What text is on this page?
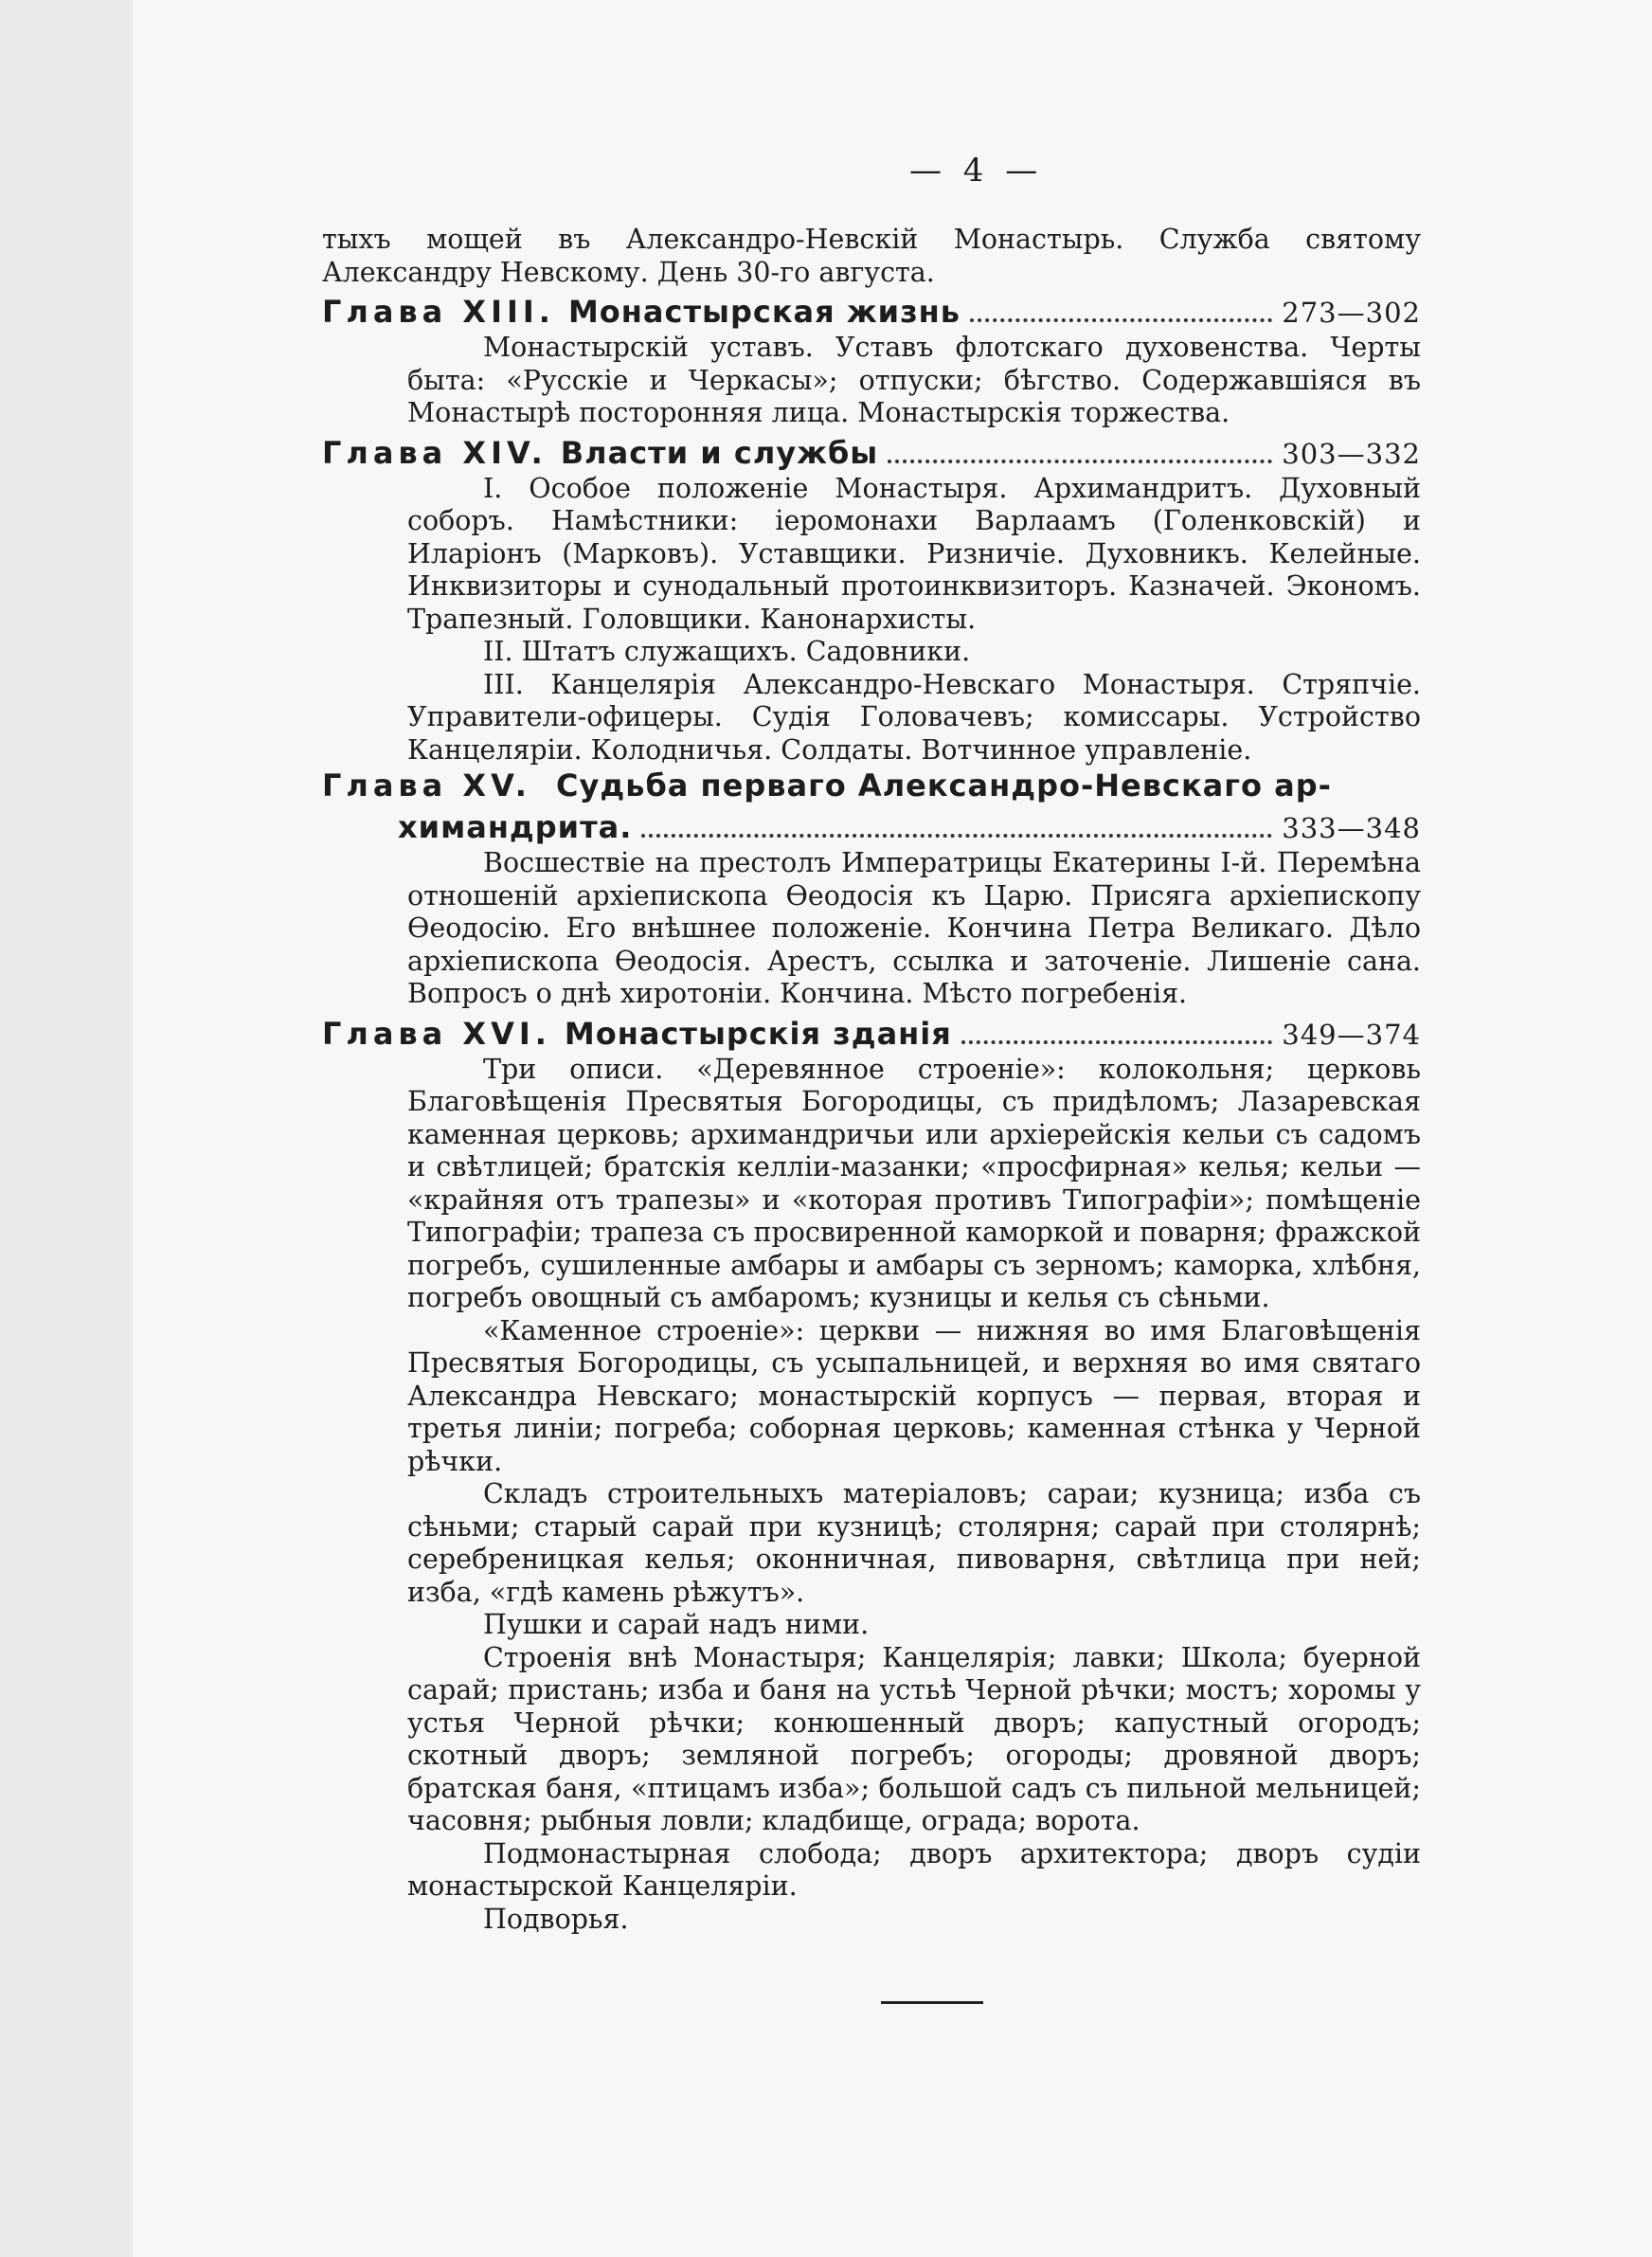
— 4 —

тыхъ мощей въ Александро-Невскій Монастырь. Служба святому Александру Невскому. День 30-го августа.

Глава XIII. Монастырская жизнь	273—302

Монастырскій уставъ. Уставъ флотскаго духовенства. Черты быта: «Русскіе и Черкасы»; отпуски; бѣгство. Содержавшіяся въ Монастырѣ посторонняя лица. Монастырскія торжества.

Глава XIV. Власти и службы	303—332

I. Особое положеніе Монастыря. Архимандритъ. Духовный соборъ. Намѣстники: іеромонахи Варлаамъ (Голенковскій) и Иларіонъ (Марковъ). Уставщики. Ризничіе. Духовникъ. Келейные. Инквизиторы и сунодальный протоинквизиторъ. Казначей. Экономъ. Трапезный. Головщики. Канонархисты.

II. Штатъ служащихъ. Садовники.

III. Канцелярія Александро-Невскаго Монастыря. Стряпчіе. Управители-офицеры. Судія Головачевъ; комиссары. Устройство Канцеляріи. Колодничья. Солдаты. Вотчинное управленіе.

Глава XV. Судьба перваго Александро-Невскаго ар-
химандрита.	333—348

Восшествіе на престолъ Императрицы Екатерины I-й. Перемѣна отношеній архіепископа Ѳеодосія къ Царю. Присяга архіепископу Ѳеодосію. Его внѣшнее положеніе. Кончина Петра Великаго. Дѣло архіепископа Ѳеодосія. Арестъ, ссылка и заточеніе. Лишеніе сана. Вопросъ о днѣ хиротоніи. Кончина. Мѣсто погребенія.

Глава XVI. Монастырскія зданія	349—374

Три описи. «Деревянное строеніе»: колокольня; церковь Благовѣщенія Пресвятыя Богородицы, съ придѣломъ; Лазаревская каменная церковь; архимандричьи или архіерейскія кельи съ садомъ и свѣтлицей; братскія келліи-мазанки; «просфирная» келья; кельи — «крайняя отъ трапезы» и «которая противъ Типографіи»; помѣщеніе Типографіи; трапеза съ просвиренной каморкой и поварня; фражской погребъ, сушиленные амбары и амбары съ зерномъ; каморка, хлѣбня, погребъ овощный съ амбаромъ; кузницы и келья съ сѣньми.

«Каменное строеніе»: церкви — нижняя во имя Благовѣщенія Пресвятыя Богородицы, съ усыпальницей, и верхняя во имя святаго Александра Невскаго; монастырскій корпусъ — первая, вторая и третья линіи; погреба; соборная церковь; каменная стѣнка у Черной рѣчки.

Складъ строительныхъ матеріаловъ; сараи; кузница; изба съ сѣньми; старый сарай при кузницѣ; столярня; сарай при столярнѣ; серебреницкая келья; оконничная, пивоварня, свѣтлица при ней; изба, «гдѣ камень рѣжутъ».

Пушки и сарай надъ ними.

Строенія внѣ Монастыря; Канцелярія; лавки; Школа; буерной сарай; пристань; изба и баня на устьѣ Черной рѣчки; мостъ; хоромы у устья Черной рѣчки; конюшенный дворъ; капустный огородъ; скотный дворъ; земляной погребъ; огороды; дровяной дворъ; братская баня, «птицамъ изба»; большой садъ съ пильной мельницей; часовня; рыбныя ловли; кладбище, ограда; ворота.

Подмонастырная слобода; дворъ архитектора; дворъ судіи монастырской Канцеляріи.

Подворья.
